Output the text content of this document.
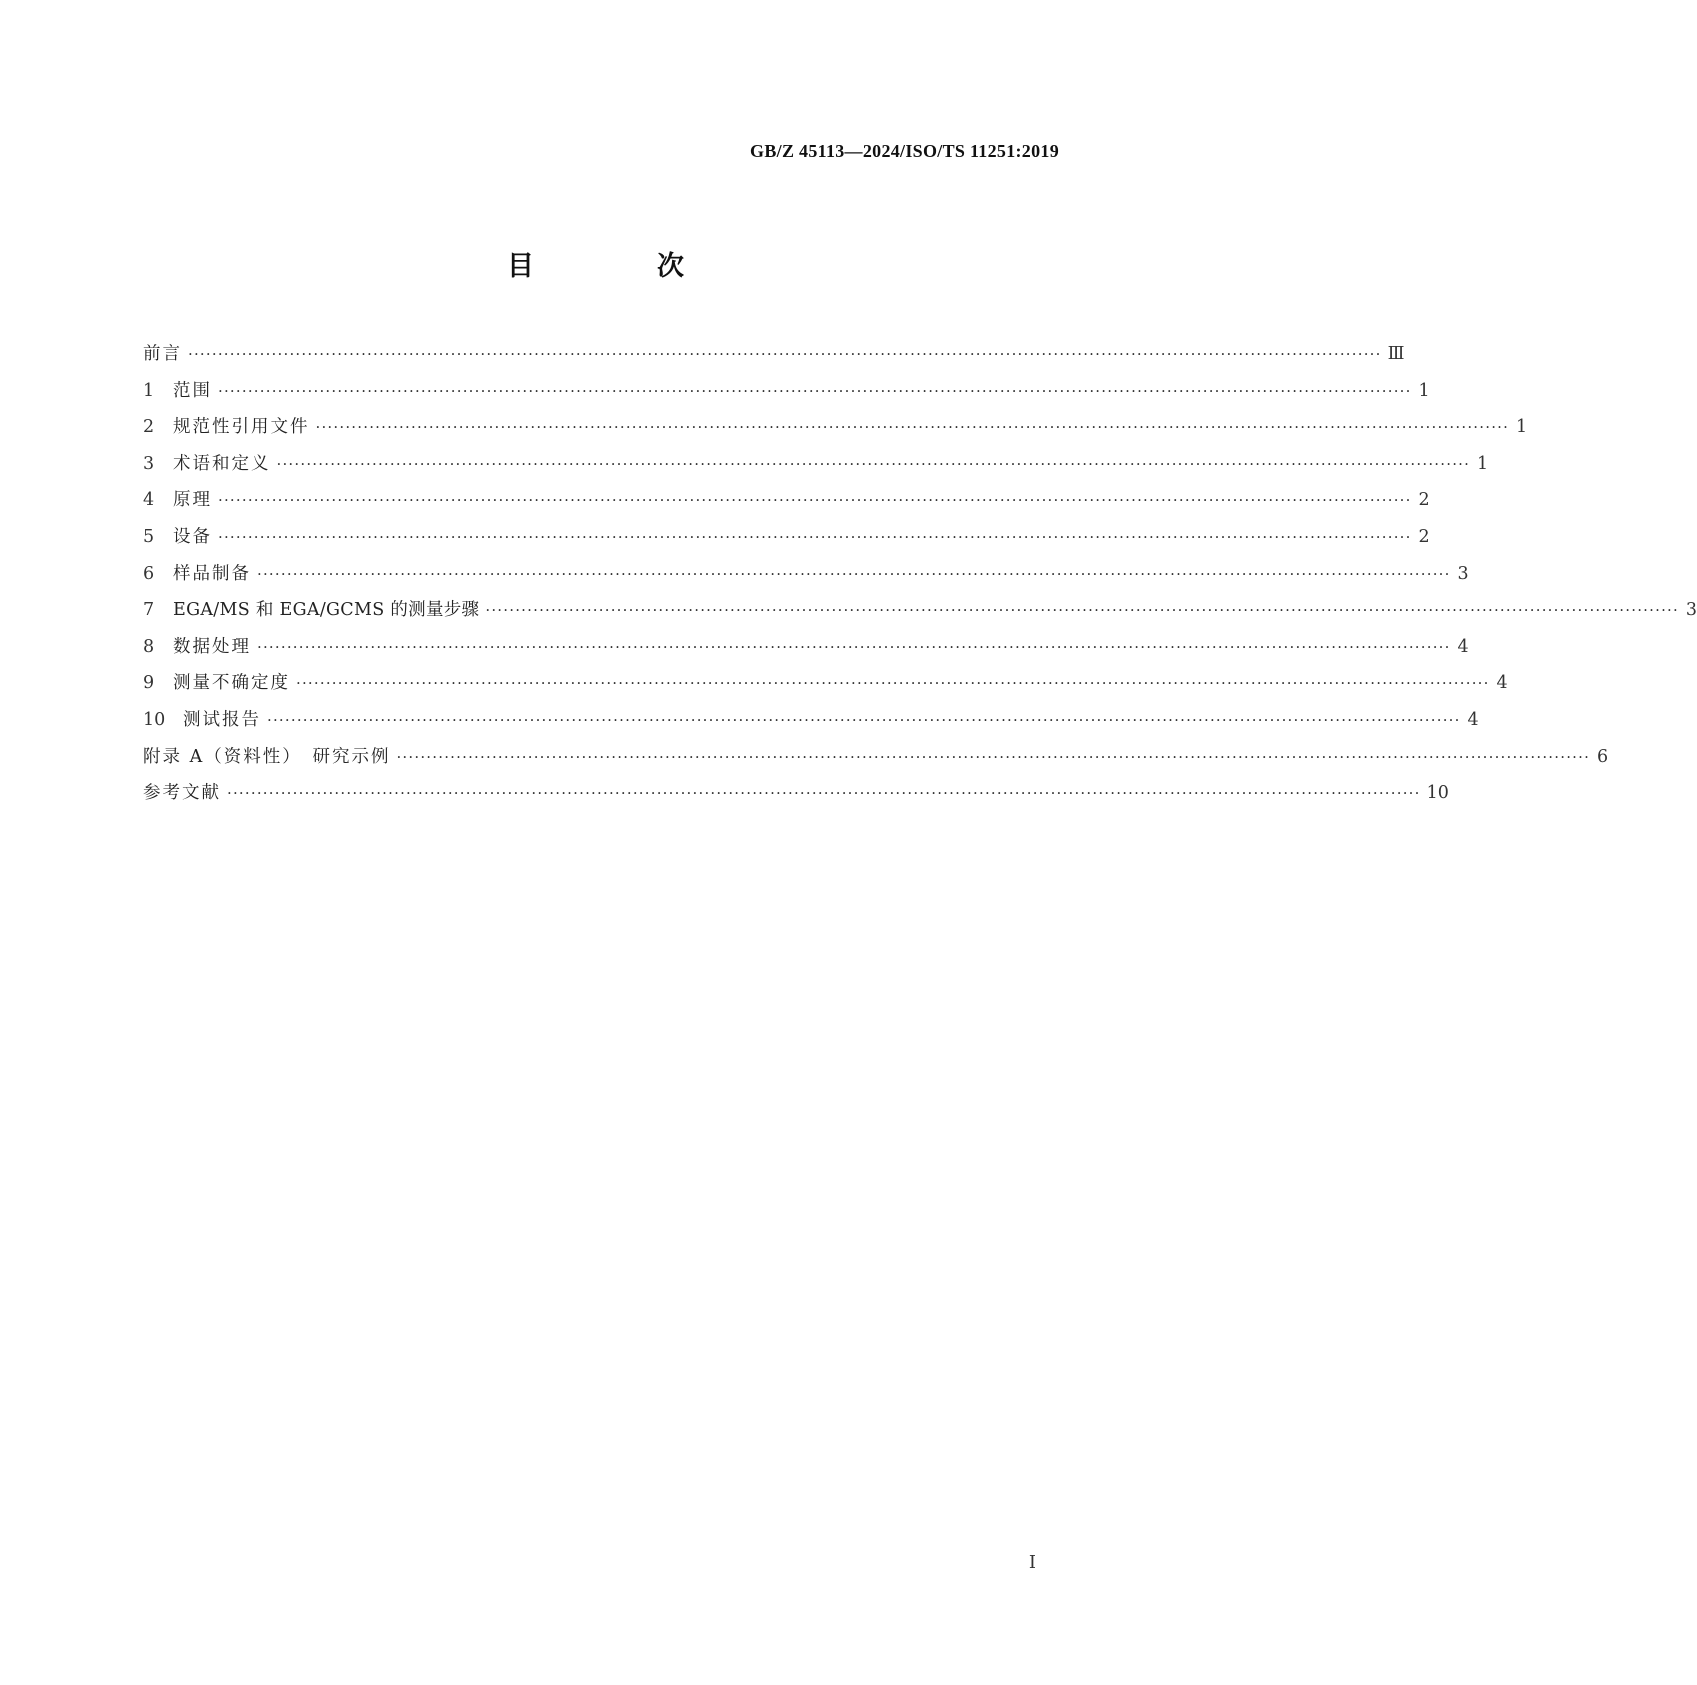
GB/Z 45113—2024/ISO/TS 11251:2019
目　次
前言 ········································································································································································································ Ⅲ
1	范围 ········································································································································································································ 1
2	规范性引用文件 ········································································································································································································ 1
3	术语和定义 ········································································································································································································ 1
4	原理 ········································································································································································································ 2
5	设备 ········································································································································································································ 2
6	样品制备 ········································································································································································································ 3
7	EGA/MS 和 EGA/GCMS 的测量步骤 ········································································································································································································ 3
8	数据处理 ········································································································································································································ 4
9	测量不确定度 ········································································································································································································ 4
10	测试报告 ········································································································································································································ 4
附录 A（资料性）　研究示例 ········································································································································································································ 6
参考文献 ········································································································································································································ 10
Ⅰ
